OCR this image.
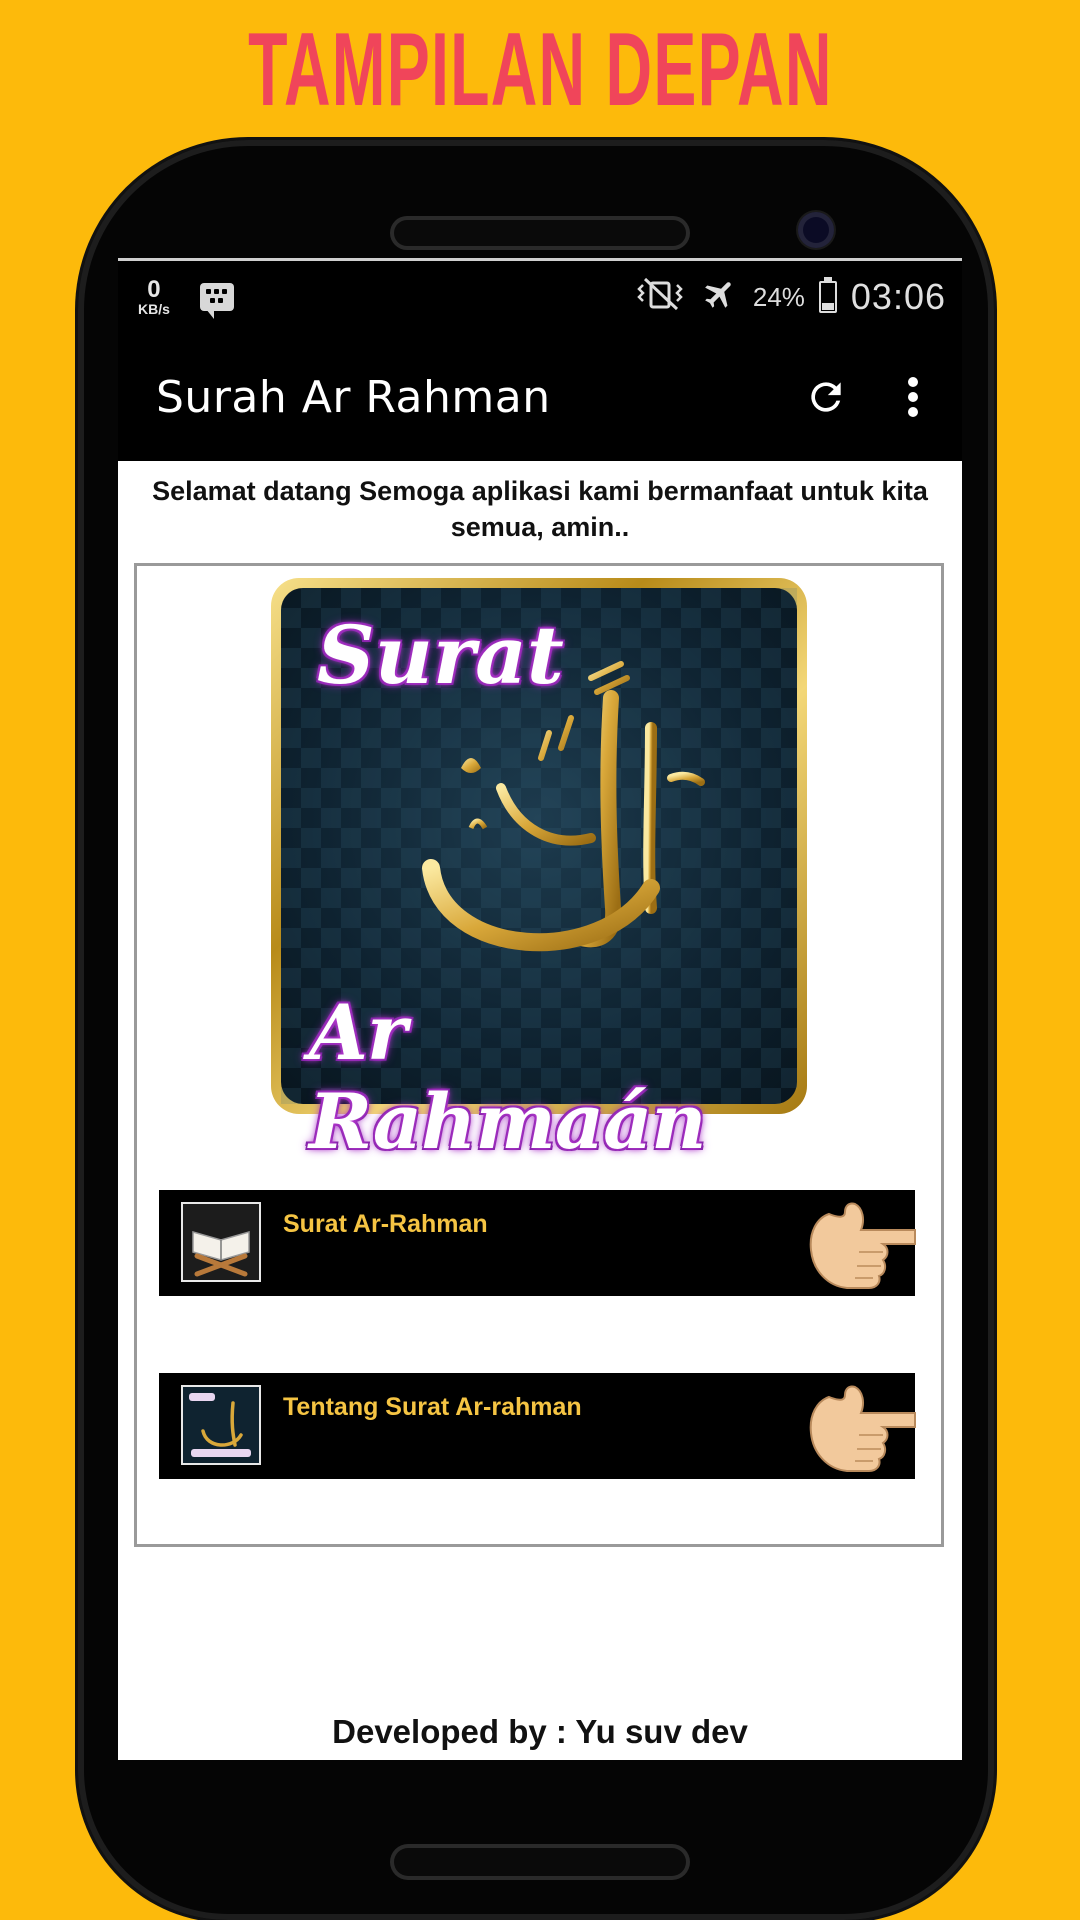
TAMPILAN DEPAN
0
KB/s	24% 03:06
Surah Ar Rahman

Selamat datang Semoga aplikasi kami bermanfaat untuk kita semua, amin..

Surat
Ar Rahmaán
Surat Ar-Rahman
Tentang Surat Ar-rahman
Developed by : Yu suv dev
